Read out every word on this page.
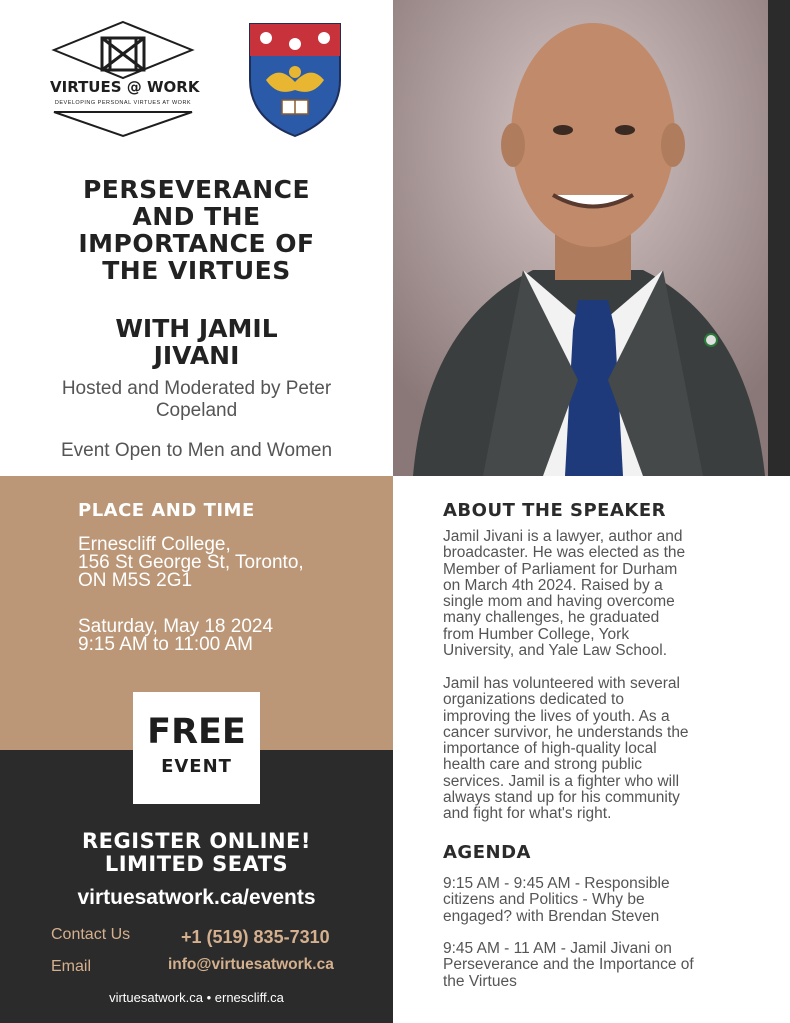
VIRTUES @ WORK
DEVELOPING PERSONAL VIRTUES AT WORK
PERSEVERANCE
AND THE
IMPORTANCE OF
THE VIRTUES
WITH JAMIL
JIVANI
Hosted and Moderated by Peter
Copeland
Event Open to Men and Women
PLACE AND TIME
Ernescliff College,
156 St George St, Toronto,
ON M5S 2G1
Saturday, May 18 2024
9:15 AM to 11:00 AM
FREE
EVENT
REGISTER ONLINE!
LIMITED SEATS
virtuesatwork.ca/events
Contact Us	+1 (519) 835-7310
Email	info@virtuesatwork.ca
virtuesatwork.ca • ernescliff.ca
ABOUT THE SPEAKER
Jamil Jivani is a lawyer, author and
broadcaster. He was elected as the
Member of Parliament for Durham
on March 4th 2024. Raised by a
single mom and having overcome
many challenges, he graduated
from Humber College, York
University, and Yale Law School.
Jamil has volunteered with several
organizations dedicated to
improving the lives of youth. As a
cancer survivor, he understands the
importance of high-quality local
health care and strong public
services. Jamil is a fighter who will
always stand up for his community
and fight for what's right.
AGENDA
9:15 AM - 9:45 AM - Responsible
citizens and Politics - Why be
engaged? with Brendan Steven
9:45 AM - 11 AM - Jamil Jivani on
Perseverance and the Importance of
the Virtues
